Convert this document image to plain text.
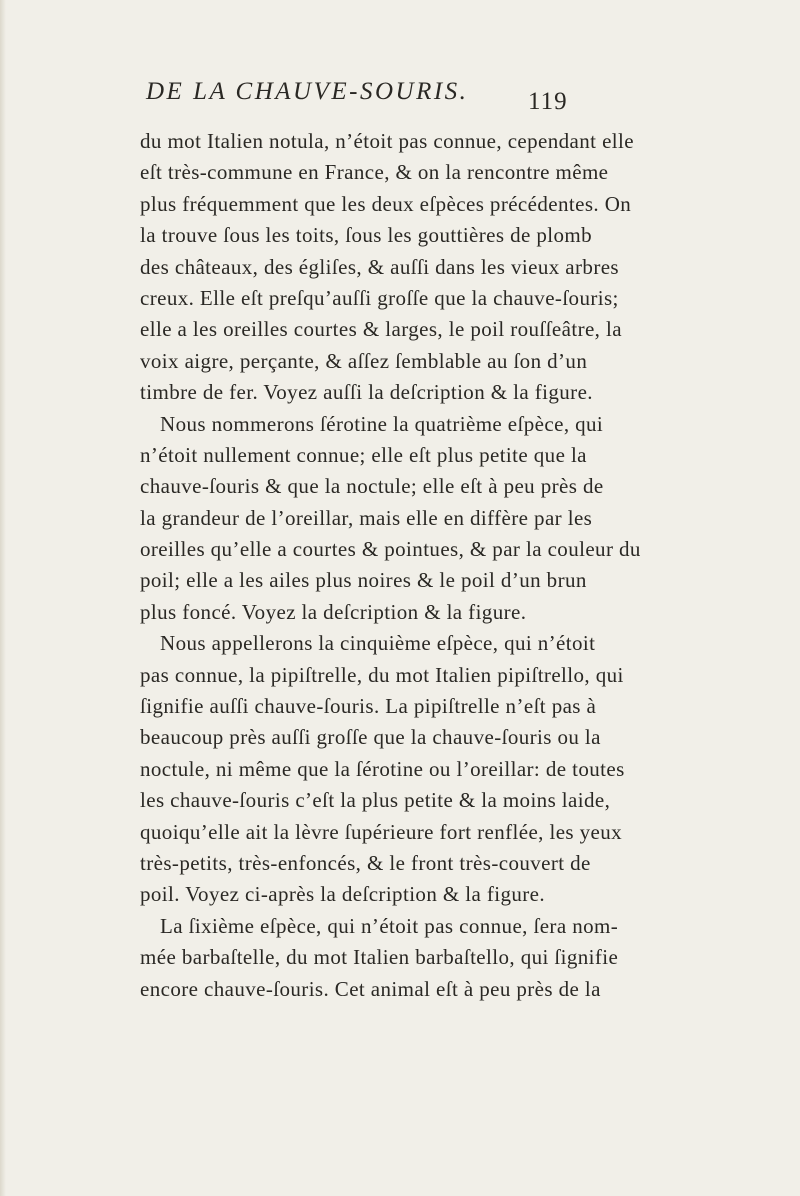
DE LA CHAUVE-SOURIS.	119
du mot Italien notula, n’étoit pas connue, cependant elle
eſt très-commune en France, & on la rencontre même
plus fréquemment que les deux eſpèces précédentes. On
la trouve ſous les toits, ſous les gouttières de plomb
des châteaux, des égliſes, & auſſi dans les vieux arbres
creux. Elle eſt preſqu’auſſi groſſe que la chauve-ſouris;
elle a les oreilles courtes & larges, le poil rouſſeâtre, la
voix aigre, perçante, & aſſez ſemblable au ſon d’un
timbre de fer. Voyez auſſi la deſcription & la figure.
Nous nommerons ſérotine la quatrième eſpèce, qui
n’étoit nullement connue; elle eſt plus petite que la
chauve-ſouris & que la noctule; elle eſt à peu près de
la grandeur de l’oreillar, mais elle en diffère par les
oreilles qu’elle a courtes & pointues, & par la couleur du
poil; elle a les ailes plus noires & le poil d’un brun
plus foncé. Voyez la deſcription & la figure.
Nous appellerons la cinquième eſpèce, qui n’étoit
pas connue, la pipiſtrelle, du mot Italien pipiſtrello, qui
ſignifie auſſi chauve-ſouris. La pipiſtrelle n’eſt pas à
beaucoup près auſſi groſſe que la chauve-ſouris ou la
noctule, ni même que la ſérotine ou l’oreillar: de toutes
les chauve-ſouris c’eſt la plus petite & la moins laide,
quoiqu’elle ait la lèvre ſupérieure fort renflée, les yeux
très-petits, très-enfoncés, & le front très-couvert de
poil. Voyez ci-après la deſcription & la figure.
La ſixième eſpèce, qui n’étoit pas connue, ſera nom-
mée barbaſtelle, du mot Italien barbaſtello, qui ſignifie
encore chauve-ſouris. Cet animal eſt à peu près de la
